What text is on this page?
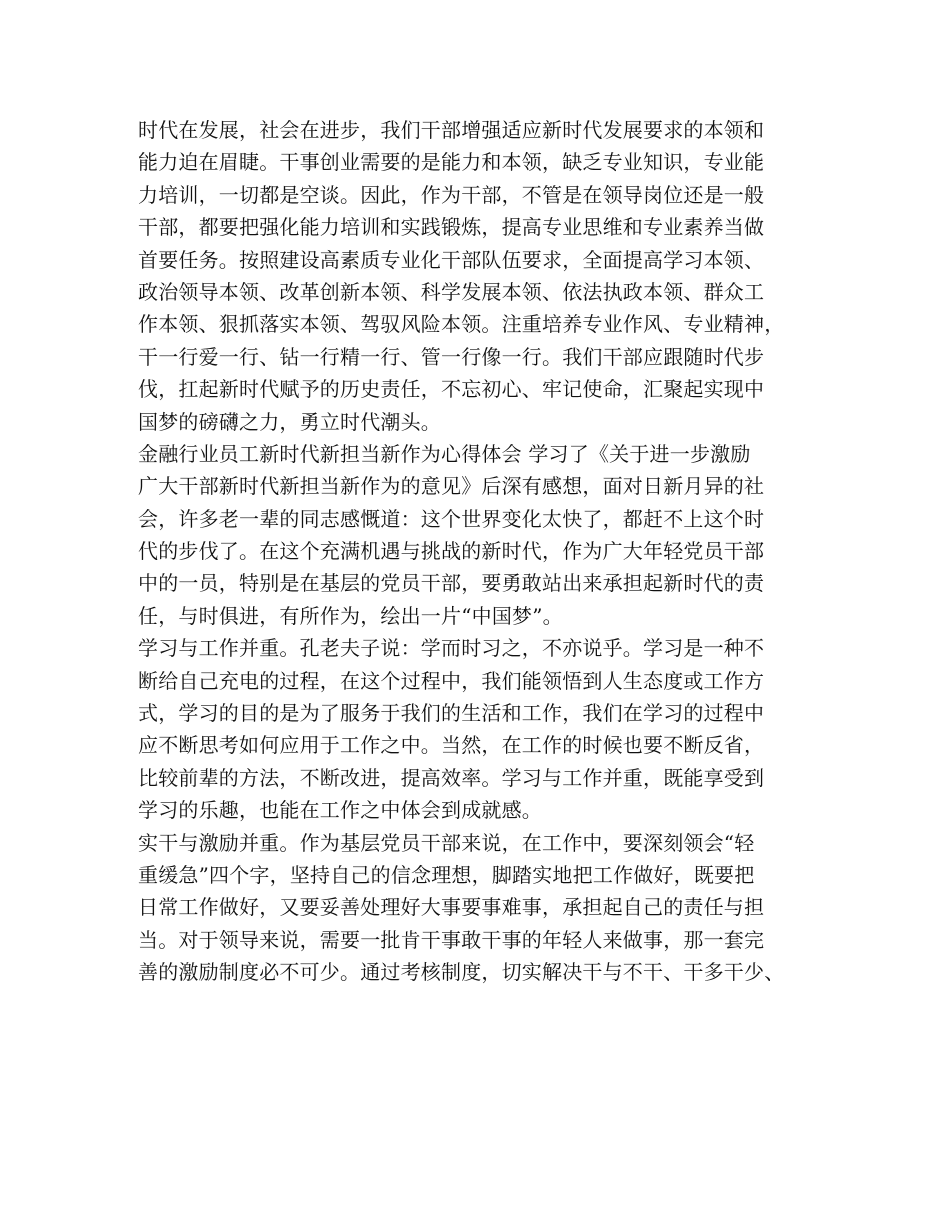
时代在发展，社会在进步，我们干部增强适应新时代发展要求的本领和
能力迫在眉睫。干事创业需要的是能力和本领，缺乏专业知识，专业能
力培训，一切都是空谈。因此，作为干部，不管是在领导岗位还是一般
干部，都要把强化能力培训和实践锻炼，提高专业思维和专业素养当做
首要任务。按照建设高素质专业化干部队伍要求，全面提高学习本领、
政治领导本领、改革创新本领、科学发展本领、依法执政本领、群众工
作本领、狠抓落实本领、驾驭风险本领。注重培养专业作风、专业精神，
干一行爱一行、钻一行精一行、管一行像一行。我们干部应跟随时代步
伐，扛起新时代赋予的历史责任，不忘初心、牢记使命，汇聚起实现中
国梦的磅礴之力，勇立时代潮头。
金融行业员工新时代新担当新作为心得体会 学习了《关于进一步激励
广大干部新时代新担当新作为的意见》后深有感想，面对日新月异的社
会，许多老一辈的同志感慨道：这个世界变化太快了，都赶不上这个时
代的步伐了。在这个充满机遇与挑战的新时代，作为广大年轻党员干部
中的一员，特别是在基层的党员干部，要勇敢站出来承担起新时代的责
任，与时俱进，有所作为，绘出一片“中国梦”。
学习与工作并重。孔老夫子说：学而时习之，不亦说乎。学习是一种不
断给自己充电的过程，在这个过程中，我们能领悟到人生态度或工作方
式，学习的目的是为了服务于我们的生活和工作，我们在学习的过程中
应不断思考如何应用于工作之中。当然，在工作的时候也要不断反省，
比较前辈的方法，不断改进，提高效率。学习与工作并重，既能享受到
学习的乐趣，也能在工作之中体会到成就感。
实干与激励并重。作为基层党员干部来说，在工作中，要深刻领会“轻
重缓急”四个字，坚持自己的信念理想，脚踏实地把工作做好，既要把
日常工作做好，又要妥善处理好大事要事难事，承担起自己的责任与担
当。对于领导来说，需要一批肯干事敢干事的年轻人来做事，那一套完
善的激励制度必不可少。通过考核制度，切实解决干与不干、干多干少、
